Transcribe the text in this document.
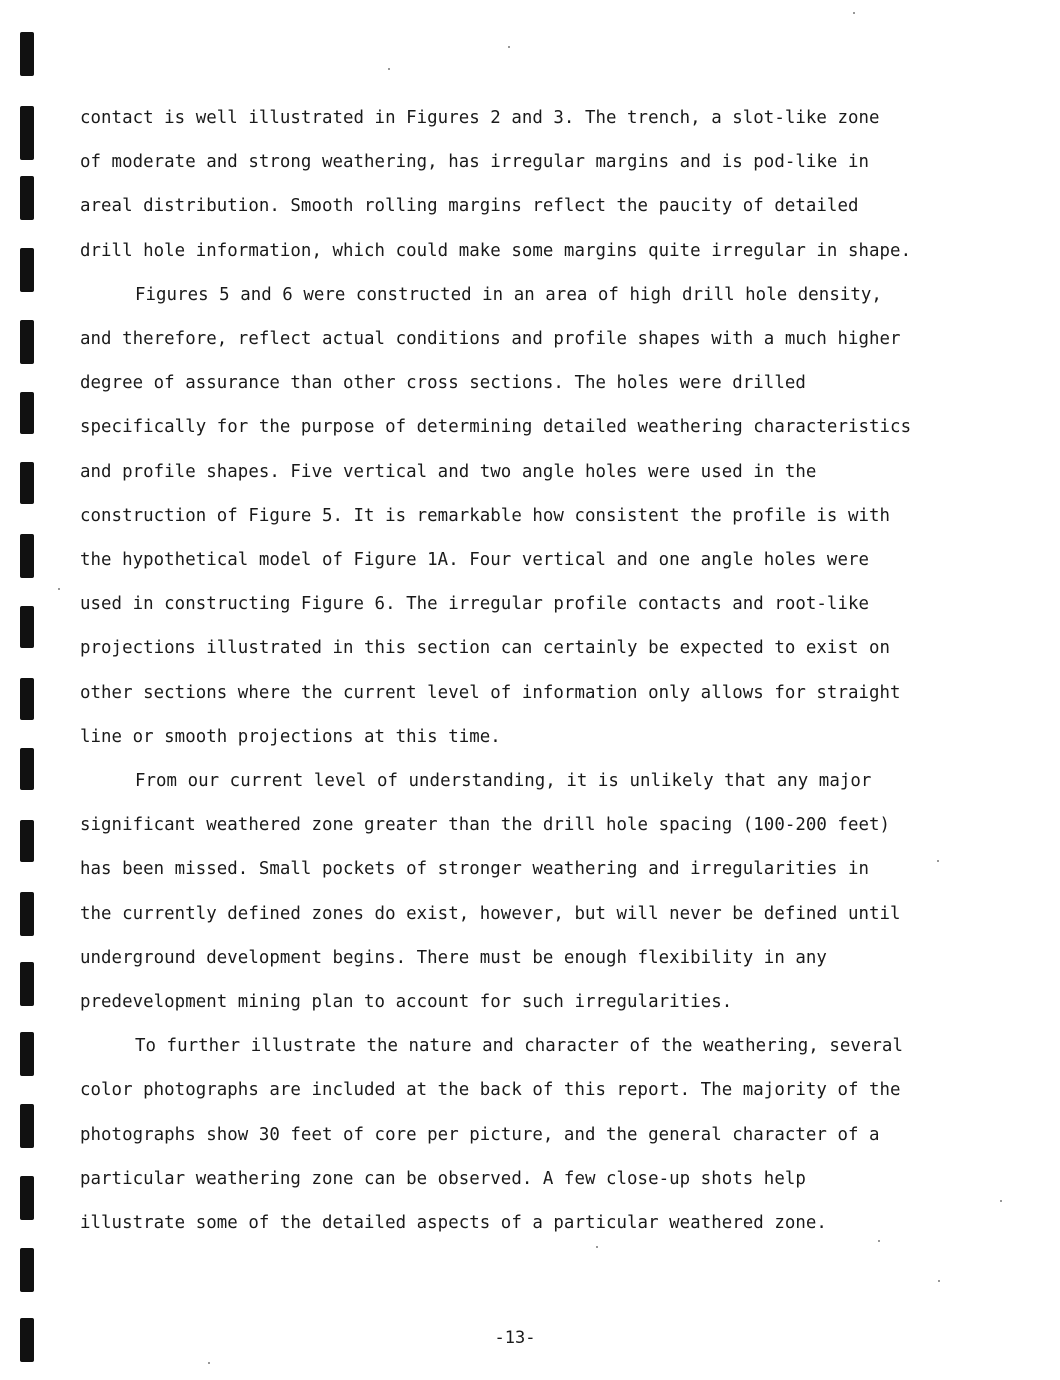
contact is well illustrated in Figures 2 and 3. The trench, a slot-like zone
of moderate and strong weathering, has irregular margins and is pod-like in
areal distribution. Smooth rolling margins reflect the paucity of detailed
drill hole information, which could make some margins quite irregular in shape.

Figures 5 and 6 were constructed in an area of high drill hole density,
and therefore, reflect actual conditions and profile shapes with a much higher
degree of assurance than other cross sections. The holes were drilled
specifically for the purpose of determining detailed weathering characteristics
and profile shapes. Five vertical and two angle holes were used in the
construction of Figure 5. It is remarkable how consistent the profile is with
the hypothetical model of Figure 1A. Four vertical and one angle holes were
used in constructing Figure 6. The irregular profile contacts and root-like
projections illustrated in this section can certainly be expected to exist on
other sections where the current level of information only allows for straight
line or smooth projections at this time.

From our current level of understanding, it is unlikely that any major
significant weathered zone greater than the drill hole spacing (100-200 feet)
has been missed. Small pockets of stronger weathering and irregularities in
the currently defined zones do exist, however, but will never be defined until
underground development begins. There must be enough flexibility in any
predevelopment mining plan to account for such irregularities.

To further illustrate the nature and character of the weathering, several
color photographs are included at the back of this report. The majority of the
photographs show 30 feet of core per picture, and the general character of a
particular weathering zone can be observed. A few close-up shots help
illustrate some of the detailed aspects of a particular weathered zone.

-13-
